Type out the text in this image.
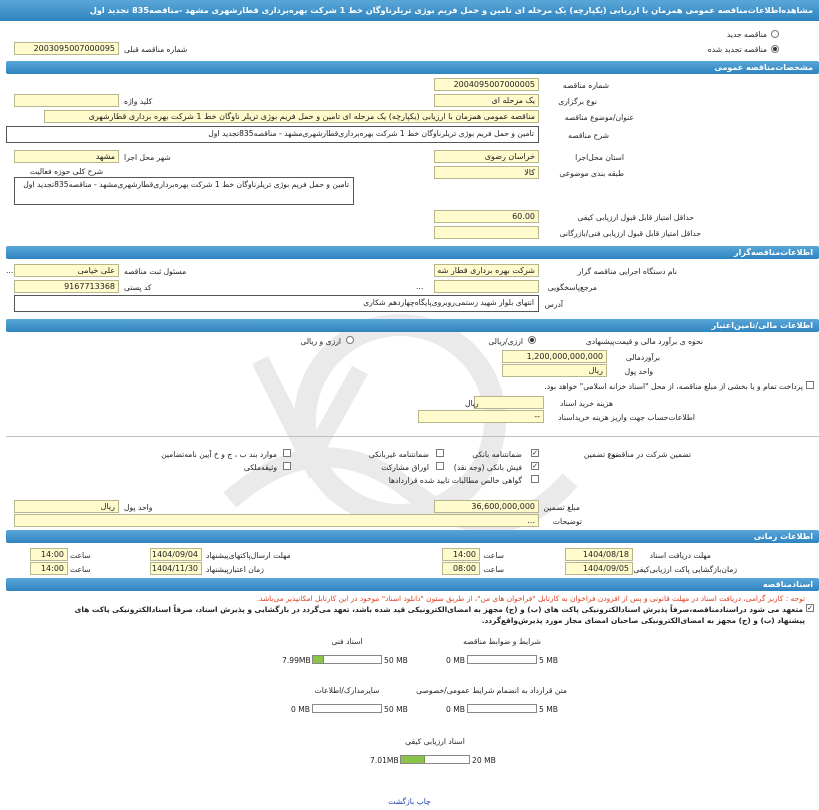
مشاهده‌اطلاعات‌مناقصه عمومی همزمان با ارزیابی (یکپارچه) یک مرحله ای تامین و حمل فریم بوژی تریلرناوگان خط 1 شرکت بهره‌برداری قطارشهری مشهد -مناقصه835 تجدید اول
مناقصه جدید
مناقصه تجدید شده
2003095007000095	شماره مناقصه قبلی
مشخصات‌مناقصه عمومی
2004095007000005	شماره مناقصه
یک مرحله ای	نوع برگزاری
کلید واژه
مناقصه عمومی همزمان با ارزیابی (یکپارچه) یک مرحله ای تامین و حمل فریم بوژی تریلر ناوگان خط 1 شرکت بهره برداری قطارشهری	عنوان/موضوع مناقصه
تامین و حمل فریم بوژی تریلرناوگان خط 1 شرکت بهره‌برداری‌قطارشهری‌مشهد - مناقصه835تجدید اول	شرح مناقصه
خراسان رضوی	استان محل‌اجرا
مشهد	شهر محل اجرا
کالا	طبقه بندی موضوعی
شرح کلی حوزه فعالیت
تامین و حمل فریم بوژی تریلرناوگان خط 1 شرکت بهره‌برداری‌قطارشهری‌مشهد - مناقصه835تجدید اول
60.00	حداقل امتیاز قابل قبول ارزیابی کیفی
حداقل امتیاز قابل قبول ارزیابی فنی/بازرگانی
اطلاعات‌مناقصه‌گزار
شرکت بهره برداری قطار شه	نام دستگاه اجرایی مناقصه گزار
...	علی خیامی	مسئول ثبت مناقصه
مرجع‌پاسخگویی
...
9167713368	کد پستی
انتهای بلوار شهید رستمی‌روبروی‌پایگاه‌چهاردهم شکاری	آدرس
اطلاعات مالی/تامین‌اعتبار
نحوه ی برآورد مالی و قیمت‌پیشنهادی
ارزی/ریالی
ارزی و ریالی
1,200,000,000,000	برآوردمالی
ریال	واحد پول
پرداخت تمام و یا بخشی از مبلغ مناقصه، از محل "اسناد خزانه اسلامی" خواهد بود.
ریال	هزینه خرید اسناد
--	اطلاعات‌حساب جهت واریز هزینه خریداسناد
تضمین شرکت در مناقصه:
نوع تضمین
✓
ضمانتنامه بانکی
ضمانتنامه غیربانکی
موارد بند ب ، ج و خ آیین نامه‌تضامین
✓
فیش بانکی (وجه نقد)
اوراق مشارکت
وثیقه‌ملکی
گواهی خالص مطالبات تایید شده قراردادها
36,600,000,000	مبلغ تضمین
ریال	واحد پول
...	توضیحات
اطلاعات زمانی
1404/08/18	مهلت دریافت اسناد
14:00 ساعت
1404/09/04	مهلت ارسال‌پاکتهای‌پیشنهاد
14:00 ساعت
1404/09/05 زمان‌بازگشایی پاکت ارزیابی‌کیفی
08:00 ساعت
1404/11/30	زمان اعتبارپیشنهاد
14:00 ساعت
اسنادمناقصه
توجه : کاربر گرامی، دریافت اسناد در مهلت قانونی و پس از افزودن فراخوان به کارتابل "فراخوان های من"، از طریق ستون "دانلود اسناد" موجود در این کارتابل امکانپذیر می‌باشد.
✓
متعهد می شود دراسنادمناقصه،صرفاً پذیرش اسنادالکترونیکی پاکت های (ب) و (ج) مجهز به امضای‌الکترونیکی قید شده باشد، تعهد می‌گردد در بازگشایی و پذیرش اسناد، صرفاً اسنادالکترونیکی پاکت های
پیشنهاد (ب) و (ج) مجهز به امضای‌الکترونیکی صاحبان امضای مجاز مورد پذیرش‌واقع‌گردد.
اسناد فنی
7.99MB	50 MB
شرایط و ضوابط مناقصه
0 MB	5 MB
سایرمدارک/اطلاعات
0 MB	50 MB
متن قرارداد به انضمام شرایط عمومی/خصوصی
0 MB	5 MB
اسناد ارزیابی کیفی
7.01MB	20 MB
چاپ بازگشت
